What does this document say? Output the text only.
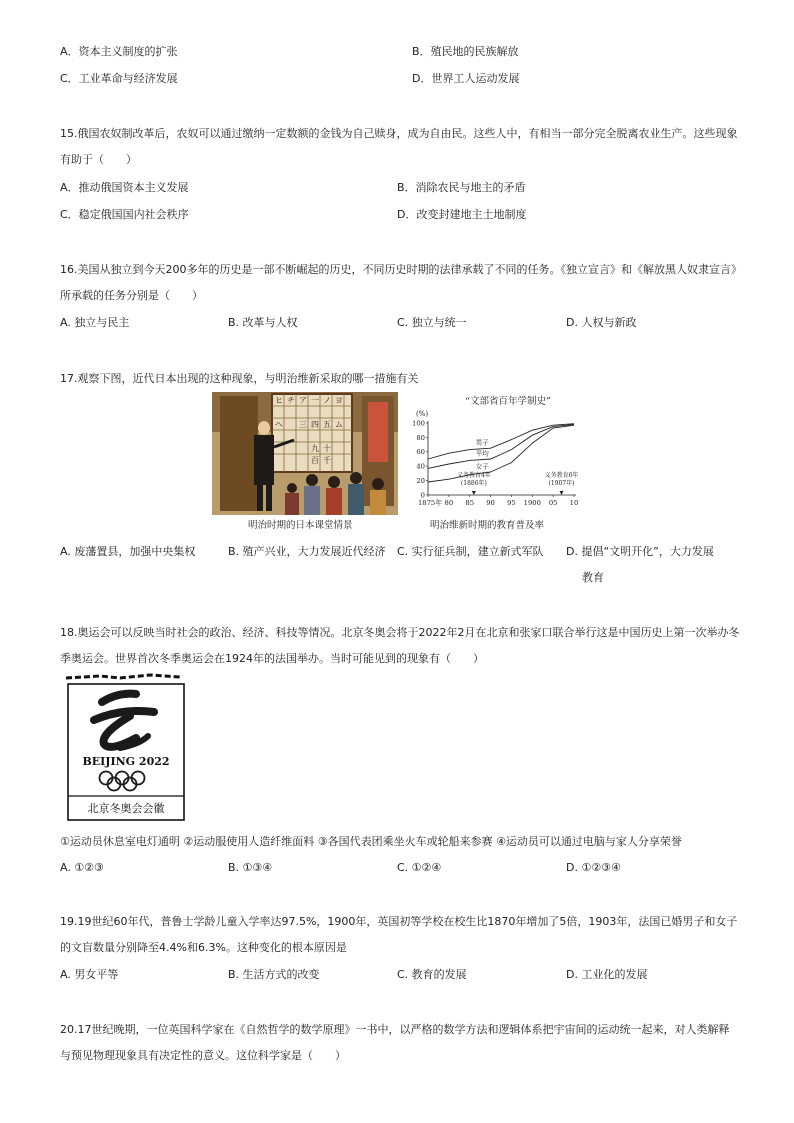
A．资本主义制度的扩张	B．殖民地的民族解放
C．工业革命与经济发展	D．世界工人运动发展
15.俄国农奴制改革后，农奴可以通过缴纳一定数额的金钱为自己赎身，成为自由民。这些人中，有相当一部分完全脱离农业生产。这些现象有助于（　　）
A．推动俄国资本主义发展	B．消除农民与地主的矛盾
C．稳定俄国国内社会秩序	D．改变封建地主土地制度
16.美国从独立到今天200多年的历史是一部不断崛起的历史，不同历史时期的法律承载了不同的任务。《独立宣言》和《解放黑人奴隶宣言》所承载的任务分别是（　　）
A. 独立与民主	B. 改革与人权	C. 独立与统一	D. 人权与新政
17.观察下图，近代日本出现的这种现象，与明治维新采取的哪一措施有关
ヒ チ ア 一 ノ ヨ
ヘ 三 四 五 ム
九 十
百 千
明治时期的日本课堂情景
“文部省百年学制史”
(%)
1875年 80 85 90 95 1900 05 10
0
20
40
60
80
100
男子
平均
女子
义务教育4年
(1886年)
义务教育6年
(1907年)
明治维新时期的教育普及率
A. 废藩置县，加强中央集权	B. 殖产兴业，大力发展近代经济 C. 实行征兵制，建立新式军队 D. 提倡“文明开化”，大力发展
教育
18.奥运会可以反映当时社会的政治、经济、科技等情况。北京冬奥会将于2022年2月在北京和张家口联合举行这是中国历史上第一次举办冬季奥运会。世界首次冬季奥运会在1924年的法国举办。当时可能见到的现象有（　　）
BEIJING 2022
北京冬奥会会徽
①运动员休息室电灯通明 ②运动服使用人造纤维面料 ③各国代表团乘坐火车或轮船来参赛 ④运动员可以通过电脑与家人分享荣誉
A. ①②③	B. ①③④	C. ①②④	D. ①②③④
19.19世纪60年代，普鲁士学龄儿童入学率达97.5%，1900年，英国初等学校在校生比1870年增加了5倍，1903年，法国已婚男子和女子的文盲数量分别降至4.4%和6.3%。这种变化的根本原因是
A. 男女平等	B. 生活方式的改变	C. 教育的发展	D. 工业化的发展
20.17世纪晚期，一位英国科学家在《自然哲学的数学原理》一书中，以严格的数学方法和逻辑体系把宇宙间的运动统一起来，对人类解释与预见物理现象具有决定性的意义。这位科学家是（　　）
